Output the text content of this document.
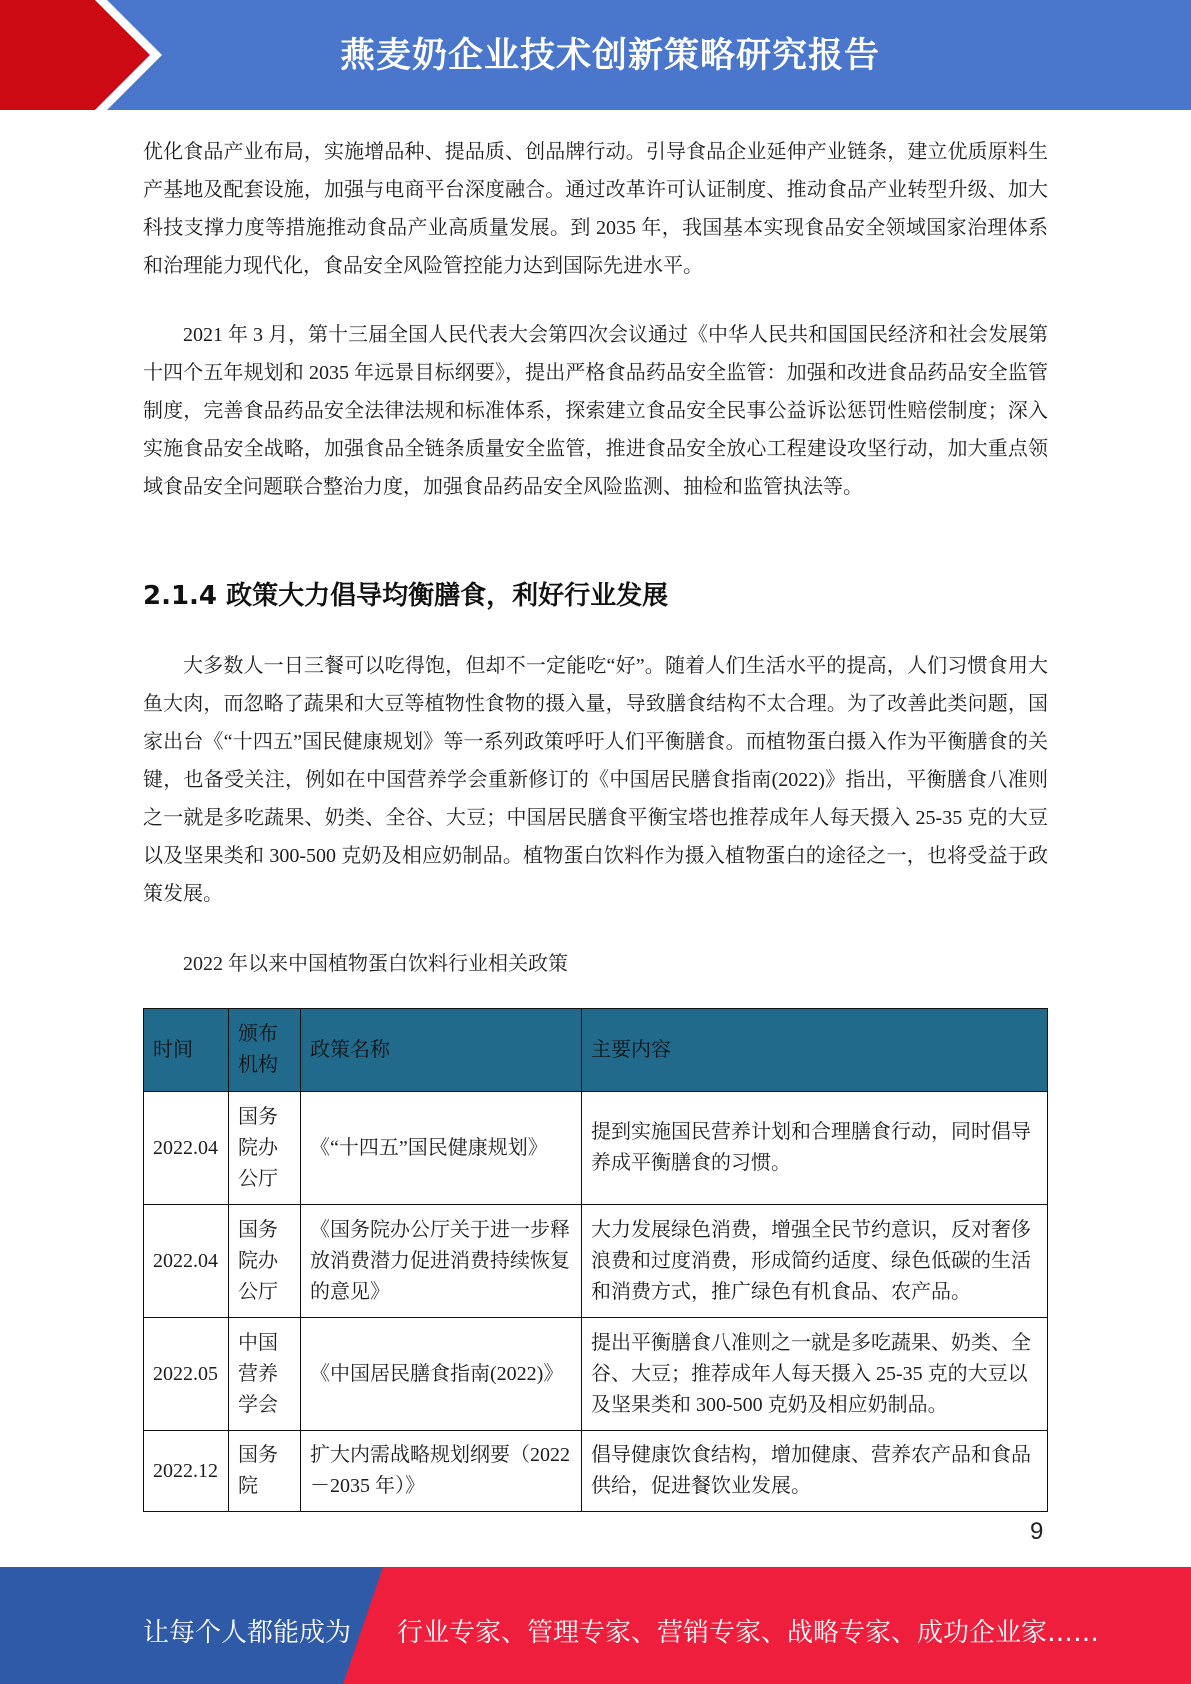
燕麦奶企业技术创新策略研究报告

优化食品产业布局，实施增品种、提品质、创品牌行动。引导食品企业延伸产业链条，建立优质原料生产基地及配套设施，加强与电商平台深度融合。通过改革许可认证制度、推动食品产业转型升级、加大科技支撑力度等措施推动食品产业高质量发展。到 2035 年，我国基本实现食品安全领域国家治理体系和治理能力现代化，食品安全风险管控能力达到国际先进水平。

2021 年 3 月，第十三届全国人民代表大会第四次会议通过《中华人民共和国国民经济和社会发展第十四个五年规划和 2035 年远景目标纲要》，提出严格食品药品安全监管：加强和改进食品药品安全监管制度，完善食品药品安全法律法规和标准体系，探索建立食品安全民事公益诉讼惩罚性赔偿制度；深入实施食品安全战略，加强食品全链条质量安全监管，推进食品安全放心工程建设攻坚行动，加大重点领域食品安全问题联合整治力度，加强食品药品安全风险监测、抽检和监管执法等。

2.1.4 政策大力倡导均衡膳食，利好行业发展

大多数人一日三餐可以吃得饱，但却不一定能吃“好”。随着人们生活水平的提高，人们习惯食用大鱼大肉，而忽略了蔬果和大豆等植物性食物的摄入量，导致膳食结构不太合理。为了改善此类问题，国家出台《“十四五”国民健康规划》等一系列政策呼吁人们平衡膳食。而植物蛋白摄入作为平衡膳食的关键，也备受关注，例如在中国营养学会重新修订的《中国居民膳食指南(2022)》指出，平衡膳食八准则之一就是多吃蔬果、奶类、全谷、大豆；中国居民膳食平衡宝塔也推荐成年人每天摄入 25-35 克的大豆以及坚果类和 300-500 克奶及相应奶制品。植物蛋白饮料作为摄入植物蛋白的途径之一，也将受益于政策发展。

2022 年以来中国植物蛋白饮料行业相关政策
时间	颁布机构	政策名称	主要内容
2022.04	国务院办公厅	《“十四五”国民健康规划》	提到实施国民营养计划和合理膳食行动，同时倡导养成平衡膳食的习惯。
2022.04	国务院办公厅	《国务院办公厅关于进一步释放消费潜力促进消费持续恢复的意见》	大力发展绿色消费，增强全民节约意识，反对奢侈浪费和过度消费，形成简约适度、绿色低碳的生活和消费方式，推广绿色有机食品、农产品。
2022.05	中国营养学会	《中国居民膳食指南(2022)》	提出平衡膳食八准则之一就是多吃蔬果、奶类、全谷、大豆；推荐成年人每天摄入 25-35 克的大豆以及坚果类和 300-500 克奶及相应奶制品。
2022.12	国务院	扩大内需战略规划纲要（2022－2035 年）》	倡导健康饮食结构，增加健康、营养农产品和食品供给，促进餐饮业发展。
9
让每个人都能成为 行业专家、管理专家、营销专家、战略专家、成功企业家……
